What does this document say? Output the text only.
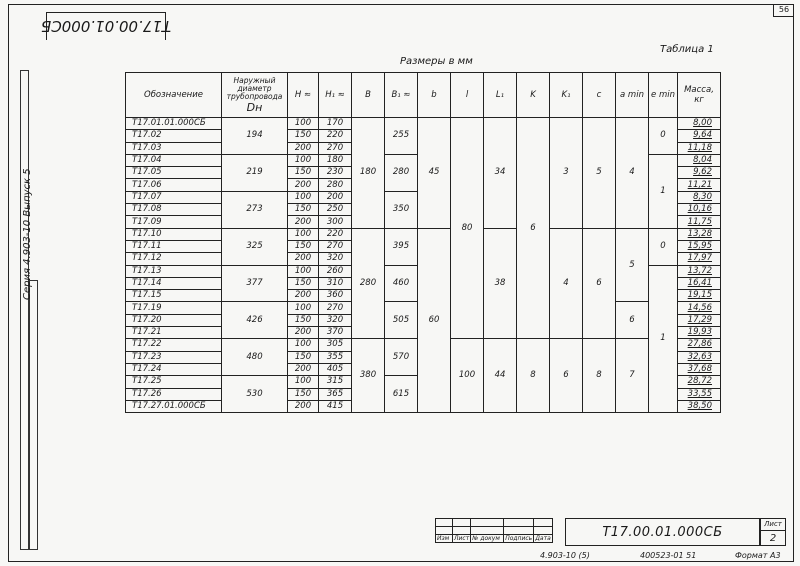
Т17.00.01.000СБ
56
Серия 4.903-10 Выпуск 5
Размеры в мм
Таблица 1
Обозначение	Наружный диаметр трубопровода
Dн	H ≈	H₁ ≈	B	B₁ ≈	b	l	L₁	K	K₁	c	a min	e min	Масса, кг
Т17.01.01.000СБ	194	100	170	180	255	45	80	34	6	3	5	4	0	8,00
Т17.02		150	220											9,64
Т17.03		200	270											11,18
Т17.04	219	100	180		280								1	8,04
Т17.05		150	230											9,62
Т17.06		200	280											11,21
Т17.07	273	100	200		350									8,30
Т17.08		150	250											10,16
Т17.09		200	300											11,75
Т17.10	325	100	220	280	395	60		38		4	6	5	0	13,28
Т17.11		150	270											15,95
Т17.12		200	320											17,97
Т17.13	377	100	260		460								1	13,72
Т17.14		150	310											16,41
Т17.15		200	360											19,15
Т17.19	426	100	270		505							6		14,56
Т17.20		150	320											17,29
Т17.21		200	370											19,93
Т17.22	480	100	305	380	570		100	44	8	6	8	7		27,86
Т17.23		150	355											32,63
Т17.24		200	405											37,68
Т17.25	530	100	315		615									28,72
Т17.26		150	365											33,55
Т17.27.01.000СБ		200	415											38,50

Изм	Лист	№ докум	Подпись	Дата	Т17.00.01.000СБ
Лист
2
4.903-10 (5)	400523-01 51	Формат А3
